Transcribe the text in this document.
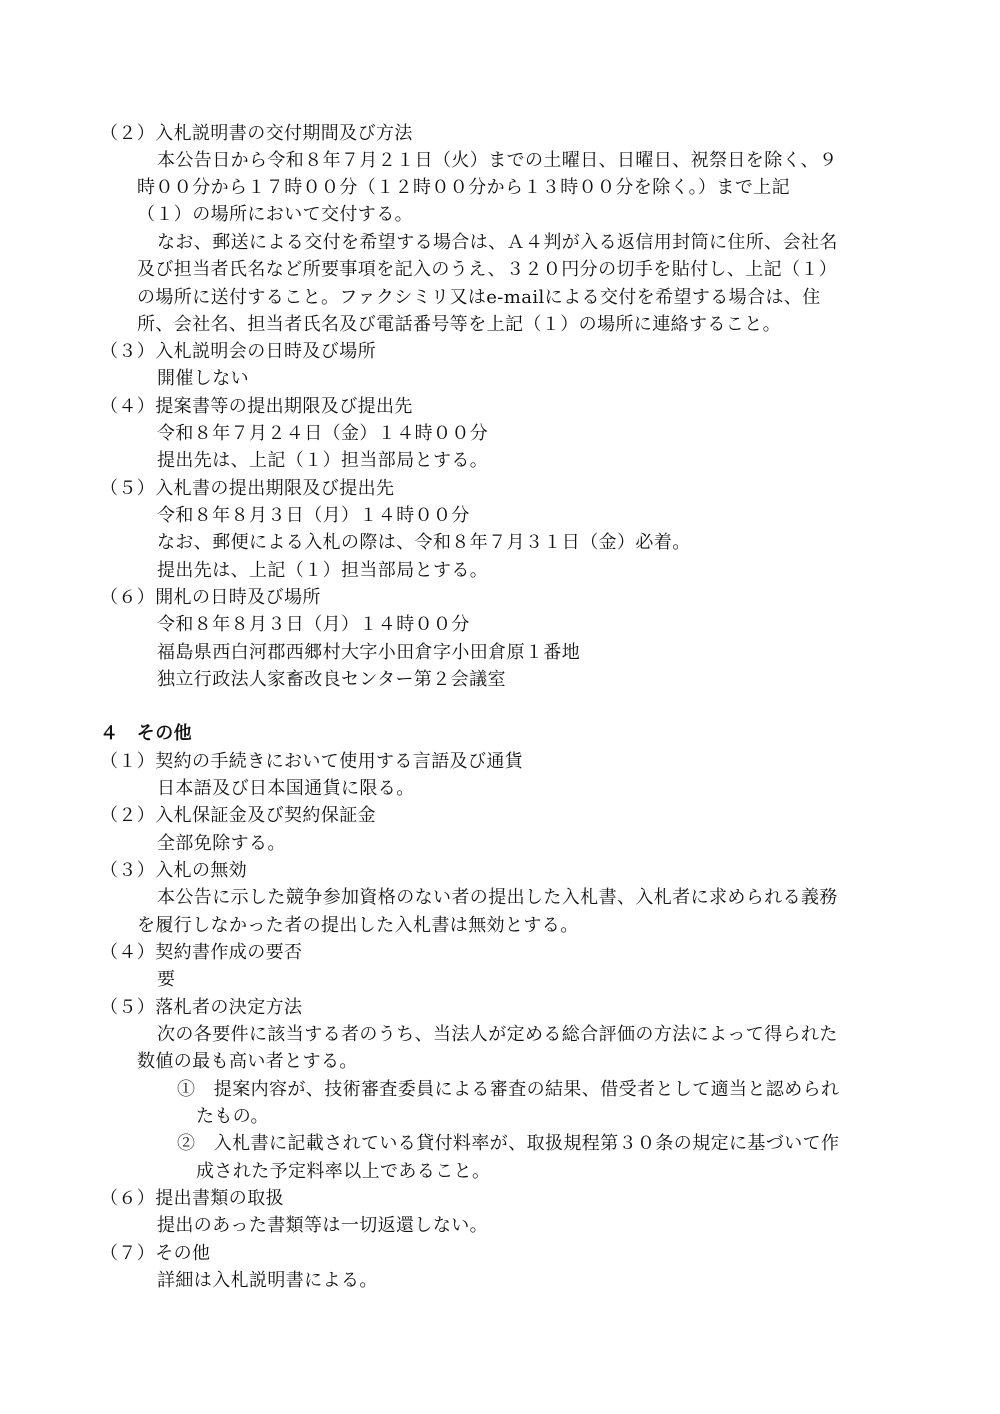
（２）入札説明書の交付期間及び方法
本公告日から令和８年７月２１日（火）までの土曜日、日曜日、祝祭日を除く、９
時００分から１７時００分（１２時００分から１３時００分を除く。）まで上記
（１）の場所において交付する。
なお、郵送による交付を希望する場合は、Ａ４判が入る返信用封筒に住所、会社名
及び担当者氏名など所要事項を記入のうえ、３２０円分の切手を貼付し、上記（１）
の場所に送付すること。ファクシミリ又はe-mailによる交付を希望する場合は、住
所、会社名、担当者氏名及び電話番号等を上記（１）の場所に連絡すること。
（３）入札説明会の日時及び場所
開催しない
（４）提案書等の提出期限及び提出先
令和８年７月２４日（金）１４時００分
提出先は、上記（１）担当部局とする。
（５）入札書の提出期限及び提出先
令和８年８月３日（月）１４時００分
なお、郵便による入札の際は、令和８年７月３１日（金）必着。
提出先は、上記（１）担当部局とする。
（６）開札の日時及び場所
令和８年８月３日（月）１４時００分
福島県西白河郡西郷村大字小田倉字小田倉原１番地
独立行政法人家畜改良センター第２会議室
４　その他
（１）契約の手続きにおいて使用する言語及び通貨
日本語及び日本国通貨に限る。
（２）入札保証金及び契約保証金
全部免除する。
（３）入札の無効
本公告に示した競争参加資格のない者の提出した入札書、入札者に求められる義務
を履行しなかった者の提出した入札書は無効とする。
（４）契約書作成の要否
要
（５）落札者の決定方法
次の各要件に該当する者のうち、当法人が定める総合評価の方法によって得られた
数値の最も高い者とする。
①　提案内容が、技術審査委員による審査の結果、借受者として適当と認められ
たもの。
②　入札書に記載されている貸付料率が、取扱規程第３０条の規定に基づいて作
成された予定料率以上であること。
（６）提出書類の取扱
提出のあった書類等は一切返還しない。
（７）その他
詳細は入札説明書による。
